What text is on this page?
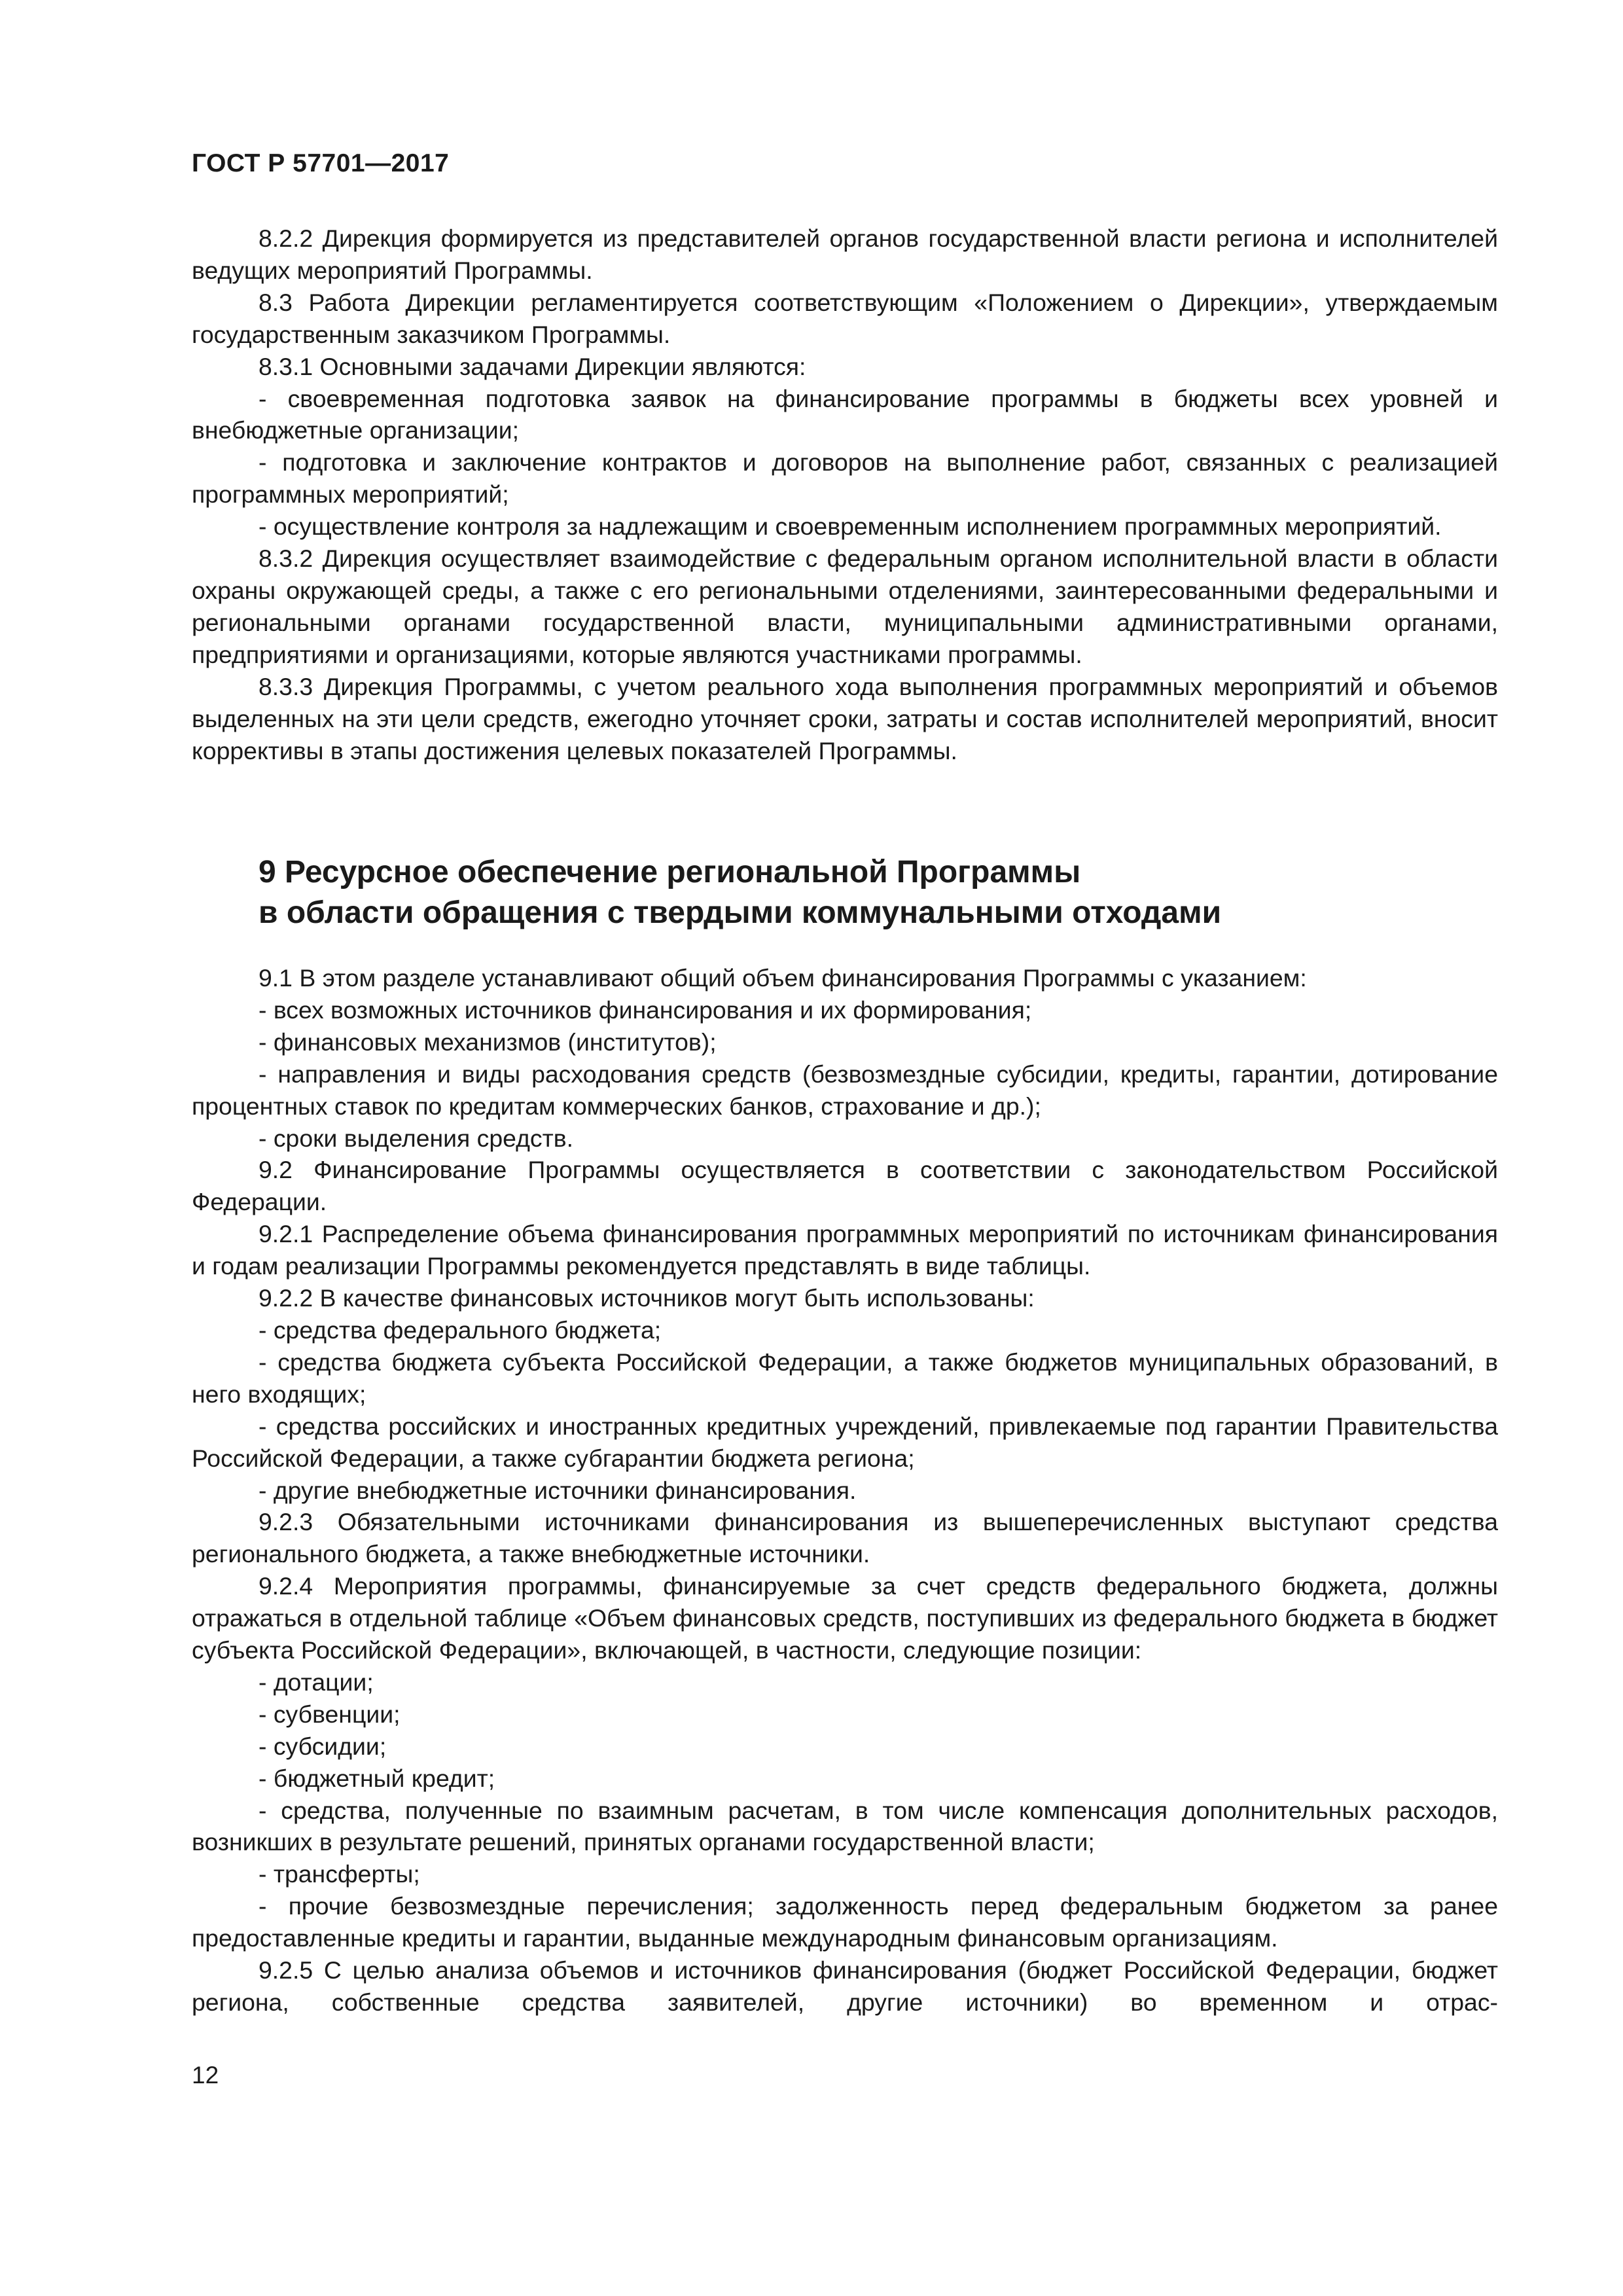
ГОСТ Р 57701—2017

8.2.2 Дирекция формируется из представителей органов государственной власти региона и исполнителей ведущих мероприятий Программы.

8.3 Работа Дирекции регламентируется соответствующим «Положением о Дирекции», утверждаемым государственным заказчиком Программы.

8.3.1 Основными задачами Дирекции являются:

- своевременная подготовка заявок на финансирование программы в бюджеты всех уровней и внебюджетные организации;

- подготовка и заключение контрактов и договоров на выполнение работ, связанных с реализацией программных мероприятий;

- осуществление контроля за надлежащим и своевременным исполнением программных мероприятий.

8.3.2 Дирекция осуществляет взаимодействие с федеральным органом исполнительной власти в области охраны окружающей среды, а также с его региональными отделениями, заинтересованными федеральными и региональными органами государственной власти, муниципальными административными органами, предприятиями и организациями, которые являются участниками программы.

8.3.3 Дирекция Программы, с учетом реального хода выполнения программных мероприятий и объемов выделенных на эти цели средств, ежегодно уточняет сроки, затраты и состав исполнителей мероприятий, вносит коррективы в этапы достижения целевых показателей Программы.

9 Ресурсное обеспечение региональной Программы
в области обращения с твердыми коммунальными отходами

9.1 В этом разделе устанавливают общий объем финансирования Программы с указанием:

- всех возможных источников финансирования и их формирования;

- финансовых механизмов (институтов);

- направления и виды расходования средств (безвозмездные субсидии, кредиты, гарантии, дотирование процентных ставок по кредитам коммерческих банков, страхование и др.);

- сроки выделения средств.

9.2 Финансирование Программы осуществляется в соответствии с законодательством Российской Федерации.

9.2.1 Распределение объема финансирования программных мероприятий по источникам финансирования и годам реализации Программы рекомендуется представлять в виде таблицы.

9.2.2 В качестве финансовых источников могут быть использованы:

- средства федерального бюджета;

- средства бюджета субъекта Российской Федерации, а также бюджетов муниципальных образований, в него входящих;

- средства российских и иностранных кредитных учреждений, привлекаемые под гарантии Правительства Российской Федерации, а также субгарантии бюджета региона;

- другие внебюджетные источники финансирования.

9.2.3 Обязательными источниками финансирования из вышеперечисленных выступают средства регионального бюджета, а также внебюджетные источники.

9.2.4 Мероприятия программы, финансируемые за счет средств федерального бюджета, должны отражаться в отдельной таблице «Объем финансовых средств, поступивших из федерального бюджета в бюджет субъекта Российской Федерации», включающей, в частности, следующие позиции:

- дотации;

- субвенции;

- субсидии;

- бюджетный кредит;

- средства, полученные по взаимным расчетам, в том числе компенсация дополнительных расходов, возникших в результате решений, принятых органами государственной власти;

- трансферты;

- прочие безвозмездные перечисления; задолженность перед федеральным бюджетом за ранее предоставленные кредиты и гарантии, выданные международным финансовым организациям.

9.2.5 С целью анализа объемов и источников финансирования (бюджет Российской Федерации, бюджет региона, собственные средства заявителей, другие источники) во временном и отрас-

12
